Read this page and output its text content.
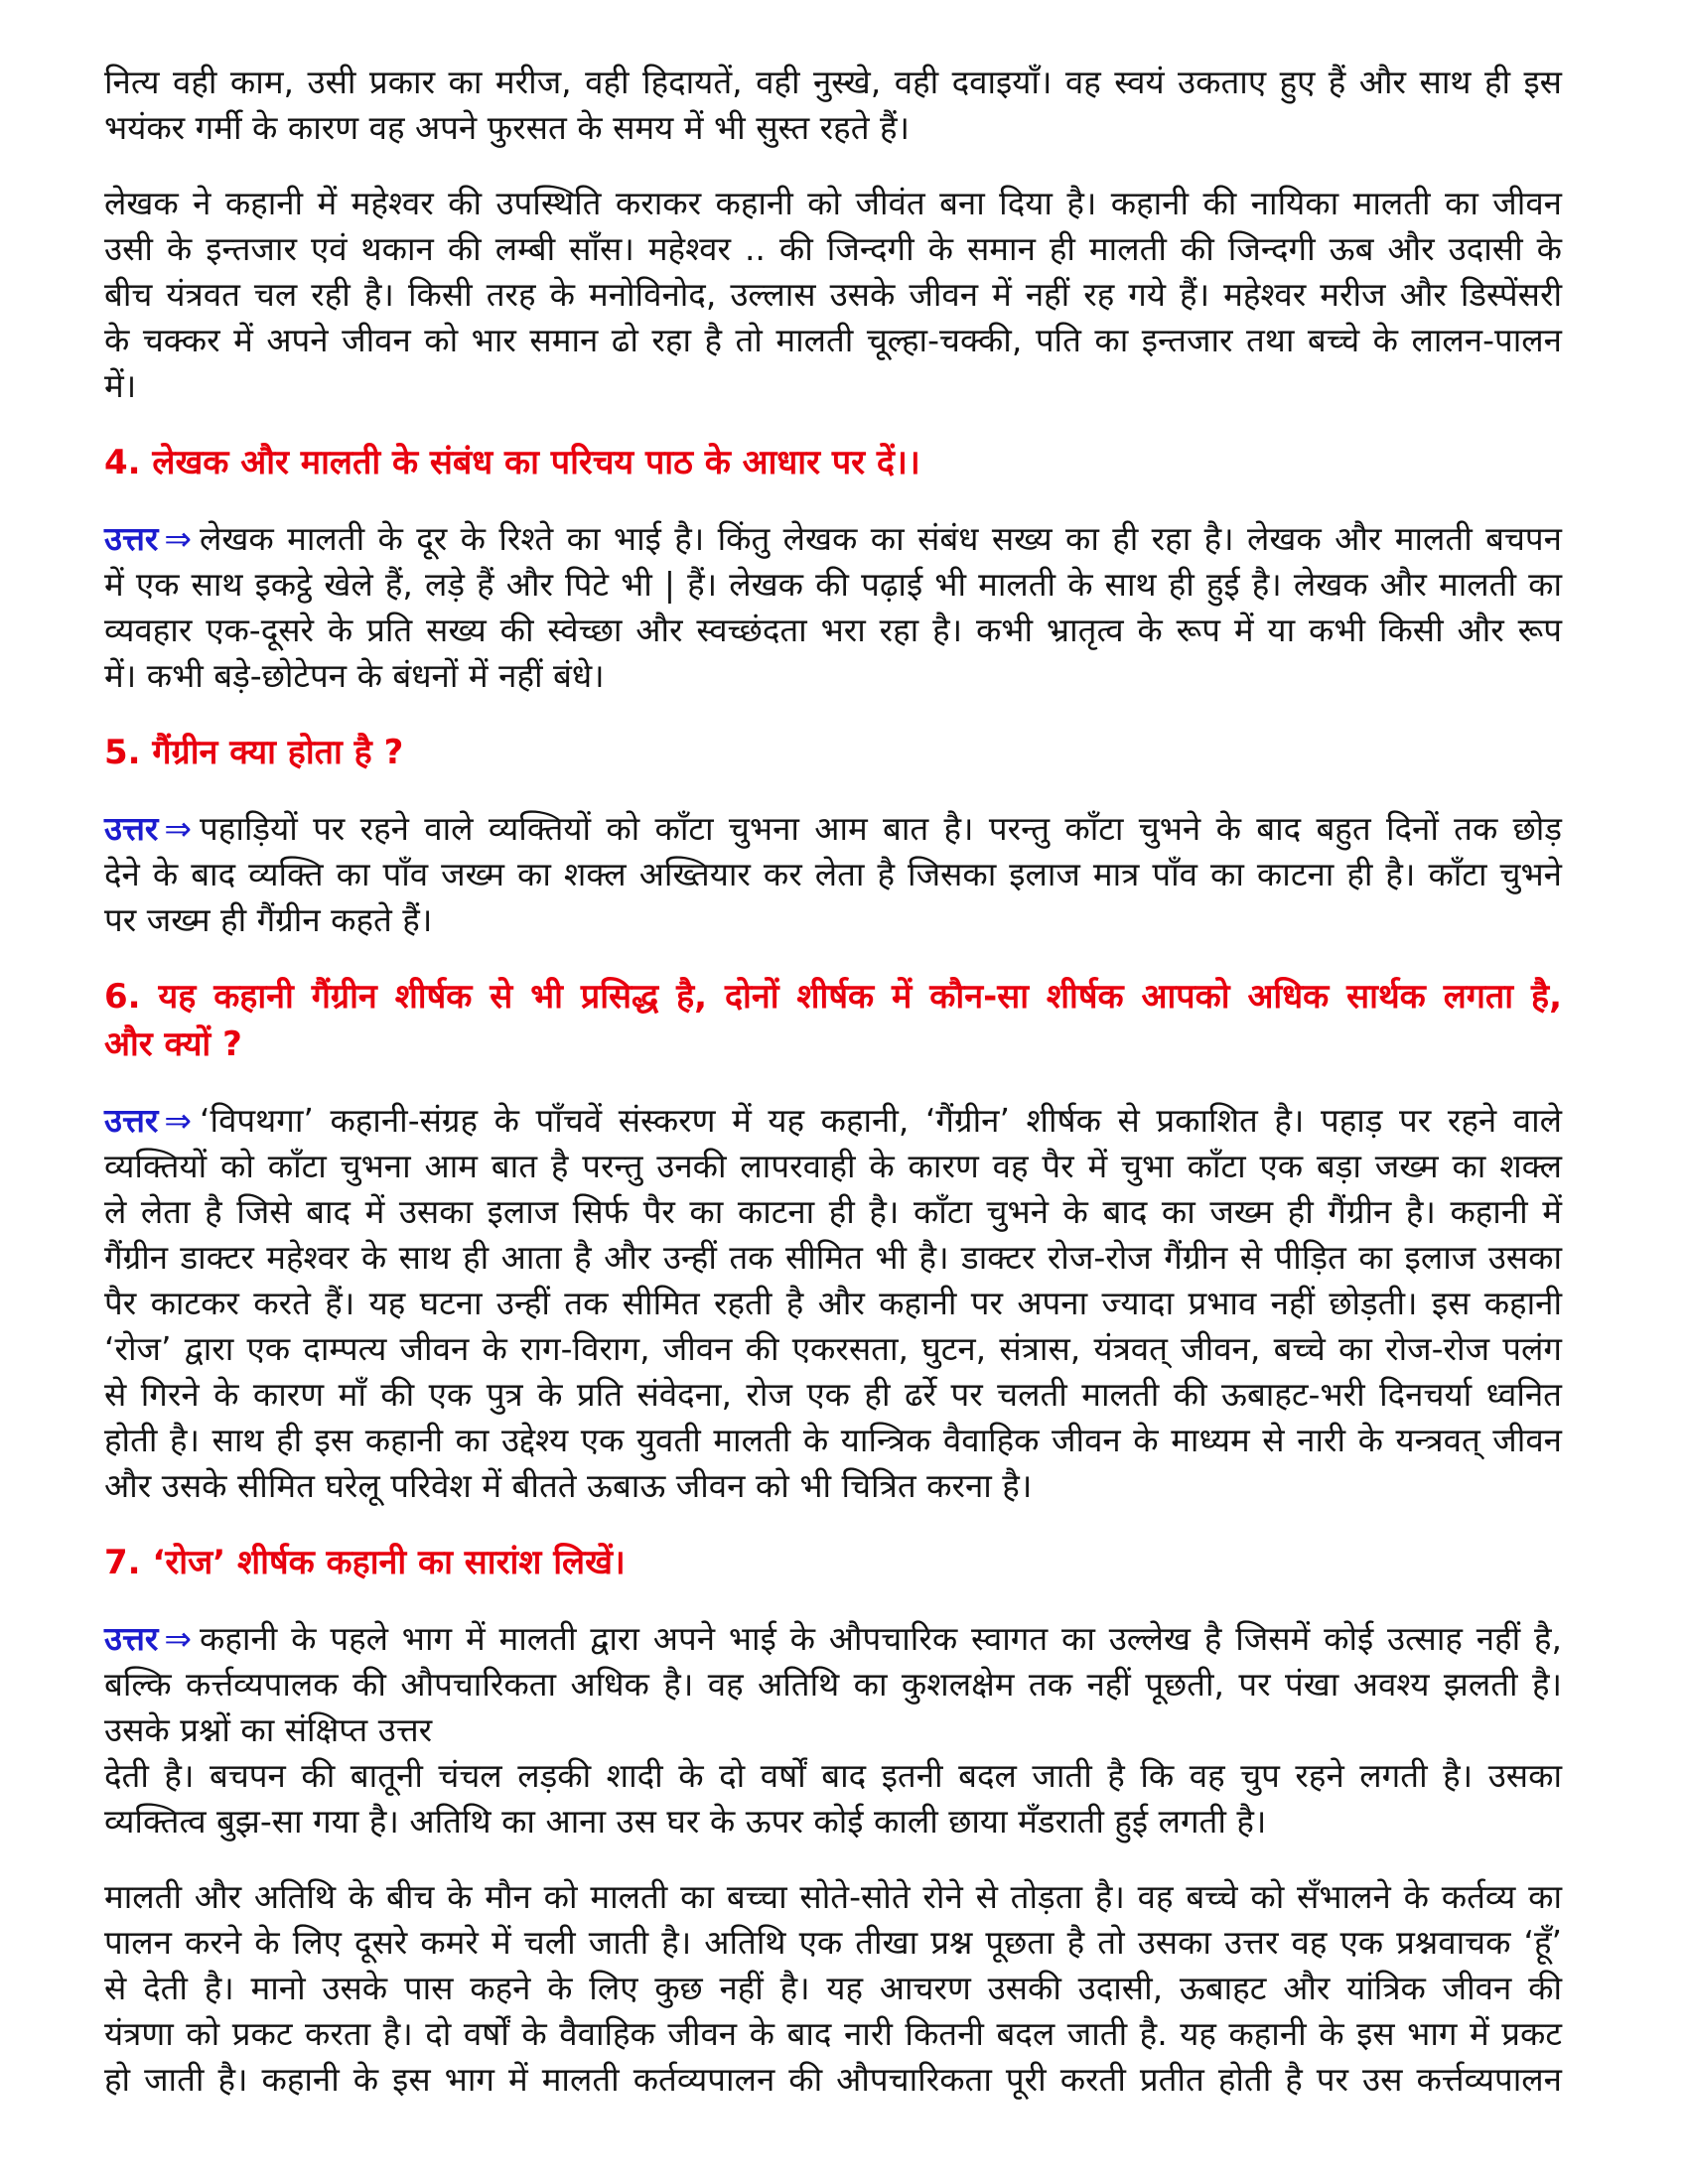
नित्य वही काम, उसी प्रकार का मरीज, वही हिदायतें, वही नुस्खे, वही दवाइयाँ। वह स्वयं उकताए हुए हैं और साथ ही इस
भयंकर गर्मी के कारण वह अपने फुरसत के समय में भी सुस्त रहते हैं।
लेखक ने कहानी में महेश्वर की उपस्थिति कराकर कहानी को जीवंत बना दिया है। कहानी की नायिका मालती का जीवन
उसी के इन्तजार एवं थकान की लम्बी साँस। महेश्वर .. की जिन्दगी के समान ही मालती की जिन्दगी ऊब और उदासी के
बीच यंत्रवत चल रही है। किसी तरह के मनोविनोद, उल्लास उसके जीवन में नहीं रह गये हैं। महेश्वर मरीज और डिस्पेंसरी
के चक्कर में अपने जीवन को भार समान ढो रहा है तो मालती चूल्हा-चक्की, पति का इन्तजार तथा बच्चे के लालन-पालन
में।
4. लेखक और मालती के संबंध का परिचय पाठ के आधार पर दें।।
उत्तर ⇒ लेखक मालती के दूर के रिश्ते का भाई है। किंतु लेखक का संबंध सख्य का ही रहा है। लेखक और मालती बचपन
में एक साथ इकट्ठे खेले हैं, लड़े हैं और पिटे भी | हैं। लेखक की पढ़ाई भी मालती के साथ ही हुई है। लेखक और मालती का
व्यवहार एक-दूसरे के प्रति सख्य की स्वेच्छा और स्वच्छंदता भरा रहा है। कभी भ्रातृत्व के रूप में या कभी किसी और रूप
में। कभी बड़े-छोटेपन के बंधनों में नहीं बंधे।
5. गैंग्रीन क्या होता है ?
उत्तर ⇒ पहाड़ियों पर रहने वाले व्यक्तियों को काँटा चुभना आम बात है। परन्तु काँटा चुभने के बाद बहुत दिनों तक छोड़
देने के बाद व्यक्ति का पाँव जख्म का शक्ल अख्तियार कर लेता है जिसका इलाज मात्र पाँव का काटना ही है। काँटा चुभने
पर जख्म ही गैंग्रीन कहते हैं।
6. यह कहानी गैंग्रीन शीर्षक से भी प्रसिद्ध है, दोनों शीर्षक में कौन-सा शीर्षक आपको अधिक सार्थक लगता है,
और क्यों ?
उत्तर ⇒ ‘विपथगा’ कहानी-संग्रह के पाँचवें संस्करण में यह कहानी, ‘गैंग्रीन’ शीर्षक से प्रकाशित है। पहाड़ पर रहने वाले
व्यक्तियों को काँटा चुभना आम बात है परन्तु उनकी लापरवाही के कारण वह पैर में चुभा काँटा एक बड़ा जख्म का शक्ल
ले लेता है जिसे बाद में उसका इलाज सिर्फ पैर का काटना ही है। काँटा चुभने के बाद का जख्म ही गैंग्रीन है। कहानी में
गैंग्रीन डाक्टर महेश्वर के साथ ही आता है और उन्हीं तक सीमित भी है। डाक्टर रोज-रोज गैंग्रीन से पीड़ित का इलाज उसका
पैर काटकर करते हैं। यह घटना उन्हीं तक सीमित रहती है और कहानी पर अपना ज्यादा प्रभाव नहीं छोड़ती। इस कहानी
‘रोज’ द्वारा एक दाम्पत्य जीवन के राग-विराग, जीवन की एकरसता, घुटन, संत्रास, यंत्रवत् जीवन, बच्चे का रोज-रोज पलंग
से गिरने के कारण माँ की एक पुत्र के प्रति संवेदना, रोज एक ही ढर्रे पर चलती मालती की ऊबाहट-भरी दिनचर्या ध्वनित
होती है। साथ ही इस कहानी का उद्देश्य एक युवती मालती के यान्त्रिक वैवाहिक जीवन के माध्यम से नारी के यन्त्रवत् जीवन
और उसके सीमित घरेलू परिवेश में बीतते ऊबाऊ जीवन को भी चित्रित करना है।
7. ‘रोज’ शीर्षक कहानी का सारांश लिखें।
उत्तर ⇒ कहानी के पहले भाग में मालती द्वारा अपने भाई के औपचारिक स्वागत का उल्लेख है जिसमें कोई उत्साह नहीं है,
बल्कि कर्त्तव्यपालक की औपचारिकता अधिक है। वह अतिथि का कुशलक्षेम तक नहीं पूछती, पर पंखा अवश्य झलती है।
उसके प्रश्नों का संक्षिप्त उत्तर
देती है। बचपन की बातूनी चंचल लड़की शादी के दो वर्षों बाद इतनी बदल जाती है कि वह चुप रहने लगती है। उसका
व्यक्तित्व बुझ-सा गया है। अतिथि का आना उस घर के ऊपर कोई काली छाया मँडराती हुई लगती है।
मालती और अतिथि के बीच के मौन को मालती का बच्चा सोते-सोते रोने से तोड़ता है। वह बच्चे को सँभालने के कर्तव्य का
पालन करने के लिए दूसरे कमरे में चली जाती है। अतिथि एक तीखा प्रश्न पूछता है तो उसका उत्तर वह एक प्रश्नवाचक ‘हूँ’
से देती है। मानो उसके पास कहने के लिए कुछ नहीं है। यह आचरण उसकी उदासी, ऊबाहट और यांत्रिक जीवन की
यंत्रणा को प्रकट करता है। दो वर्षों के वैवाहिक जीवन के बाद नारी कितनी बदल जाती है. यह कहानी के इस भाग में प्रकट
हो जाती है। कहानी के इस भाग में मालती कर्तव्यपालन की औपचारिकता पूरी करती प्रतीत होती है पर उस कर्त्तव्यपालन
